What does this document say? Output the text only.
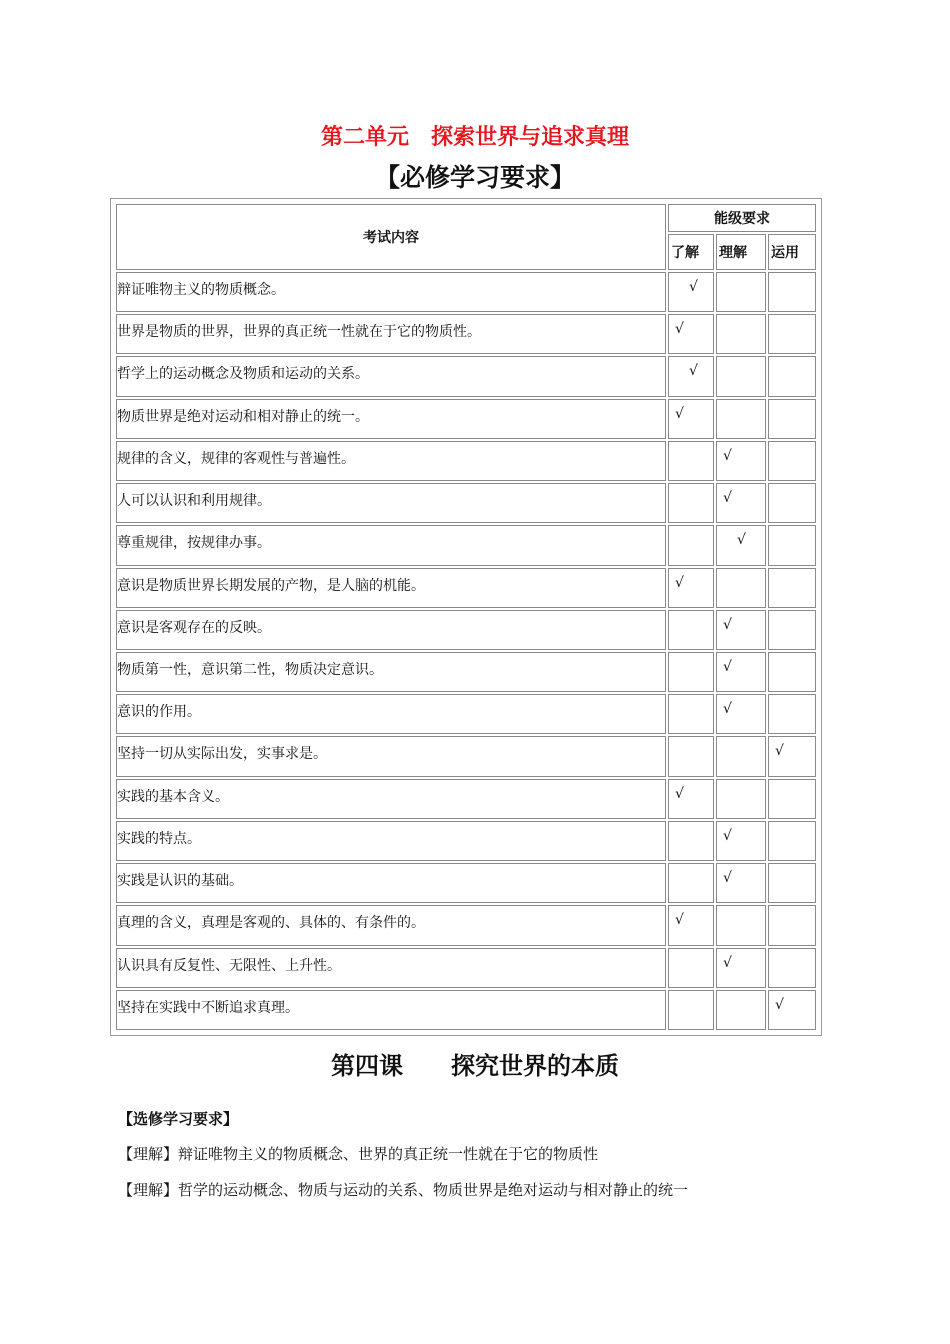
第二单元　探索世界与追求真理
【必修学习要求】
考试内容	能级要求		
	了解	理解	运用
辩证唯物主义的物质概念。	√		
世界是物质的世界，世界的真正统一性就在于它的物质性。	√		
哲学上的运动概念及物质和运动的关系。	√		
物质世界是绝对运动和相对静止的统一。	√		
规律的含义，规律的客观性与普遍性。		√	
人可以认识和利用规律。		√	
尊重规律，按规律办事。		√	
意识是物质世界长期发展的产物，是人脑的机能。	√		
意识是客观存在的反映。		√	
物质第一性，意识第二性，物质决定意识。		√	
意识的作用。		√	
坚持一切从实际出发，实事求是。			√
实践的基本含义。	√		
实践的特点。		√	
实践是认识的基础。		√	
真理的含义，真理是客观的、具体的、有条件的。	√		
认识具有反复性、无限性、上升性。		√	
坚持在实践中不断追求真理。			√
第四课　　探究世界的本质
【选修学习要求】
【理解】辩证唯物主义的物质概念、世界的真正统一性就在于它的物质性
【理解】哲学的运动概念、物质与运动的关系、物质世界是绝对运动与相对静止的统一
